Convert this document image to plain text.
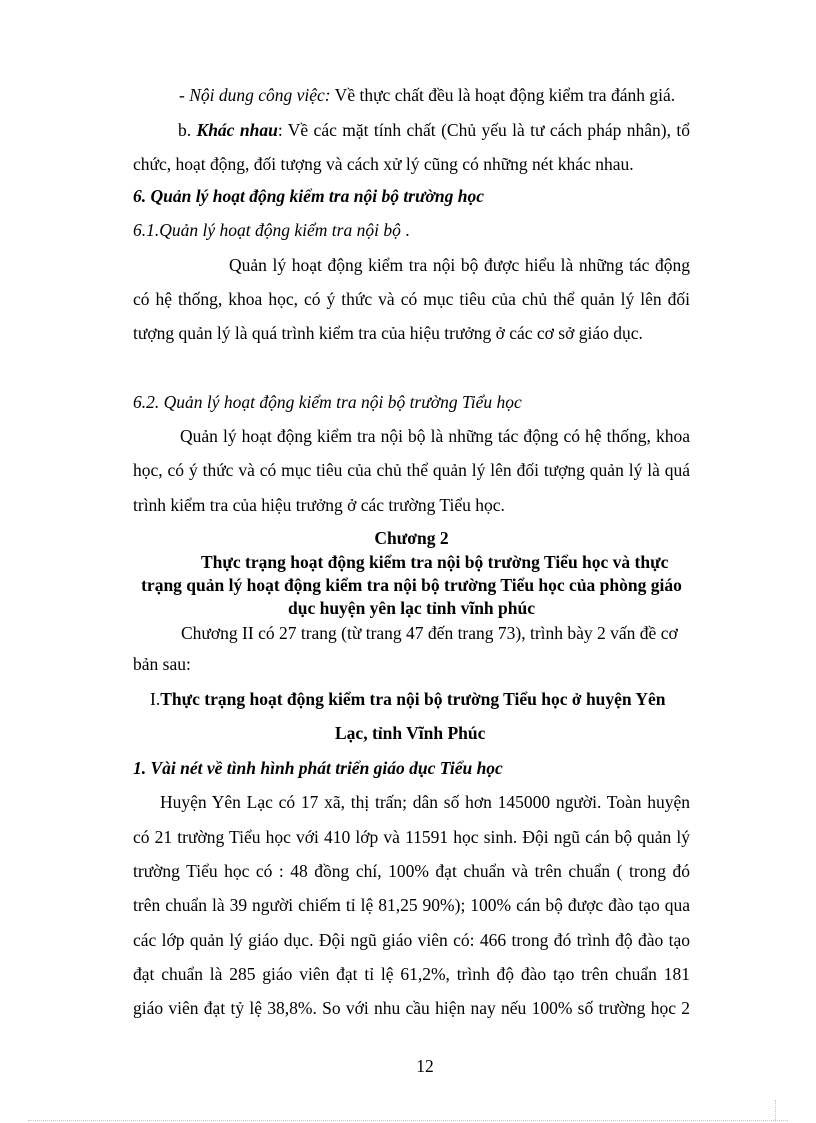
- Nội dung công việc: Về thực chất đều là hoạt động kiểm tra đánh giá.
b. Khác nhau: Về các mặt tính chất (Chủ yếu là tư cách pháp nhân), tổ
chức, hoạt động, đối tượng và cách xử lý cũng có những nét khác nhau.
6. Quản lý hoạt động kiểm tra nội bộ trường học
6.1.Quản lý hoạt động kiểm tra nội bộ .
Quản lý hoạt động kiểm tra nội bộ được hiểu là những tác động
có hệ thống, khoa học, có ý thức và có mục tiêu của chủ thể quản lý lên đối
tượng quản lý là quá trình kiểm tra của hiệu trưởng ở các cơ sở giáo dục.
6.2. Quản lý hoạt động kiểm tra nội bộ trường Tiểu học
Quản lý hoạt động kiểm tra nội bộ là những tác động có hệ thống, khoa
học, có ý thức và có mục tiêu của chủ thể quản lý lên đối tượng quản lý là quá
trình kiểm tra của hiệu trưởng ở các trường Tiểu học.
Chương 2
Thực trạng hoạt động kiểm tra nội bộ trường Tiểu học và thực
trạng quản lý hoạt động kiểm tra nội bộ trường Tiểu học của phòng giáo
dục huyện yên lạc tỉnh vĩnh phúc
Chương II có 27 trang (từ trang 47 đến trang 73), trình bày 2 vấn đề cơ
bản sau:
I.Thực trạng hoạt động kiểm tra nội bộ trường Tiểu học ở huyện Yên
Lạc, tỉnh Vĩnh Phúc
1. Vài nét về tình hình phát triển giáo dục Tiểu học
Huyện Yên Lạc có 17 xã, thị trấn; dân số hơn 145000 người. Toàn huyện
có 21 trường Tiểu học với 410 lớp và 11591 học sinh. Đội ngũ cán bộ quản lý
trường Tiểu học có : 48 đồng chí, 100% đạt chuẩn và trên chuẩn ( trong đó
trên chuẩn là 39 người chiếm tỉ lệ 81,25 90%); 100% cán bộ được đào tạo qua
các lớp quản lý giáo dục. Đội ngũ giáo viên có: 466 trong đó trình độ đào tạo
đạt chuẩn là 285 giáo viên đạt tỉ lệ 61,2%, trình độ đào tạo trên chuẩn 181
giáo viên đạt tỷ lệ 38,8%. So với nhu cầu hiện nay nếu 100% số trường học 2
12
